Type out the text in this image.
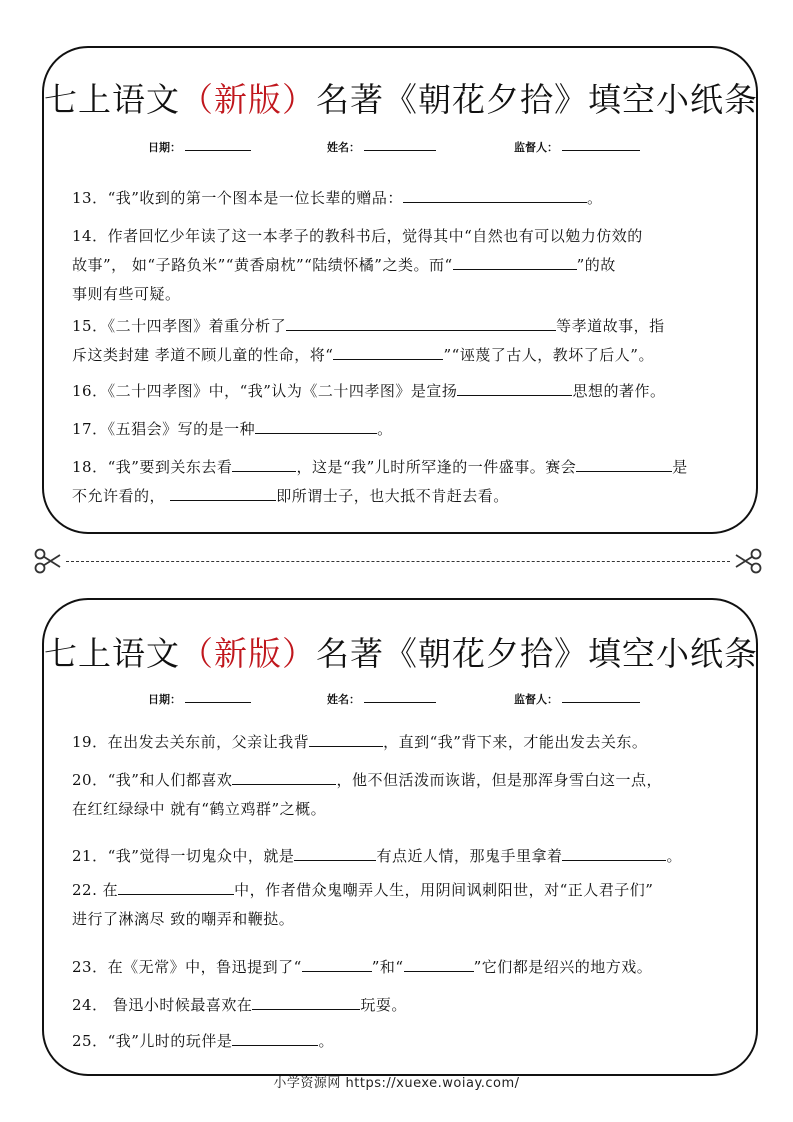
七上语文（新版）名著《朝花夕拾》填空小纸条
日期：	姓名：	监督人：
13．“我”收到的第一个图本是一位长辈的赠品：	。
14．作者回忆少年读了这一本孝子的教科书后，觉得其中“自然也有可以勉力仿效的
故事”， 如“子路负米”“黄香扇枕”“陆绩怀橘”之类。而“	”的故
事则有些可疑。
15．《二十四孝图》着重分析了	等孝道故事，指
斥这类封建 孝道不顾儿童的性命，将“	”“诬蔑了古人，教坏了后人”。
16．《二十四孝图》中，“我”认为《二十四孝图》是宣扬	思想的著作。
17．《五猖会》写的是一种	。
18．“我”要到关东去看	，这是“我”儿时所罕逢的一件盛事。赛会	是
不允许看的，	即所谓士子，也大抵不肯赶去看。
七上语文（新版）名著《朝花夕拾》填空小纸条
日期：	姓名：	监督人：
19．在出发去关东前，父亲让我背	，直到“我”背下来，才能出发去关东。
20．“我”和人们都喜欢	，他不但活泼而诙谐，但是那浑身雪白这一点，
在红红绿绿中 就有“鹤立鸡群”之概。
21．“我”觉得一切鬼众中，就是	有点近人情，那鬼手里拿着	。
22. 在	中，作者借众鬼嘲弄人生，用阴间讽刺阳世，对“正人君子们”
进行了淋漓尽 致的嘲弄和鞭挞。
23．在《无常》中，鲁迅提到了“	”和“	”它们都是绍兴的地方戏。
24． 鲁迅小时候最喜欢在	玩耍。
25．“我”儿时的玩伴是	。
小学资源网 https://xuexe.woiay.com/
